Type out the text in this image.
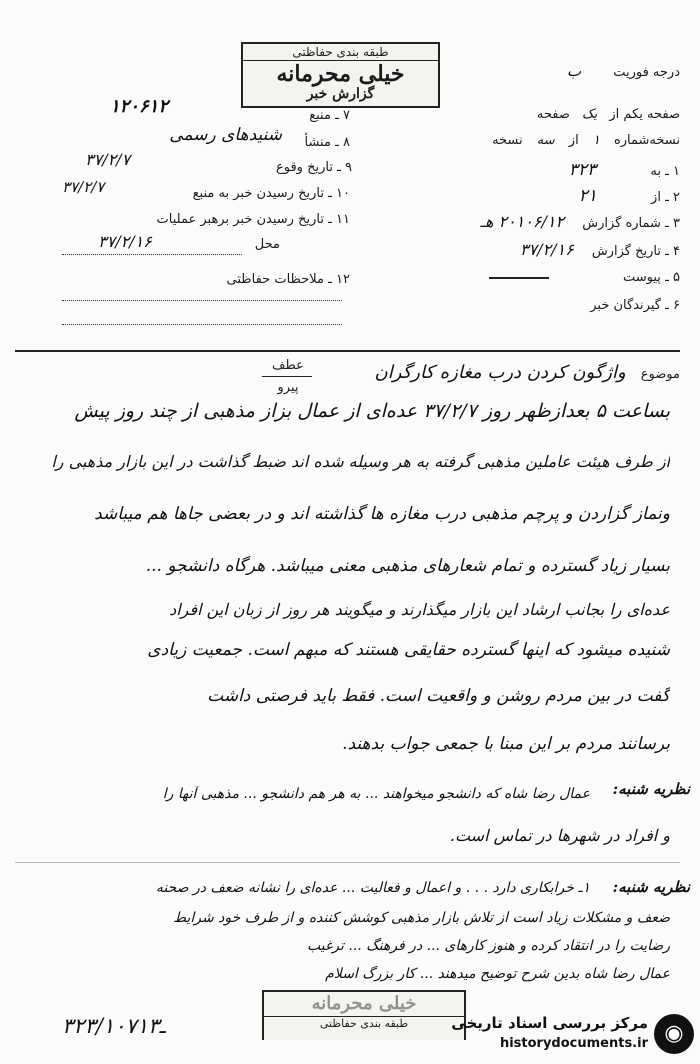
طبقه بندی حفاظتی
خیلی محرمانه
گزارش خبر
درجه فوریت ب
صفحه یکم از یک صفحه
نسخه‌شماره ۱ از سه نسخه
۱ ـ به ۳۲۳
۲ ـ از ۲۱
۳ ـ شماره گزارش ۲۰۱۰۶/۱۲ هـ
۴ ـ تاریخ گزارش ۳۷/۲/۱۶
۵ ـ پیوست
۶ ـ گیرندگان خبر
۱۲۰۶۱۲	۷ ـ منبع
شنیدهای رسمی	۸ ـ منشأ
۳۷/۲/۷	۹ ـ تاریخ وقوع
۳۷/۲/۷	۱۰ ـ تاریخ رسیدن خبر به منبع
۱۱ ـ تاریخ رسیدن خبر برهبر عملیات
محل
۳۷/۲/۱۶
۱۲ ـ ملاحظات حفاظتی
عطف
پیرو
موضوع واژگون کردن درب مغازه کارگران
بساعت ۵ بعدازظهر روز ۳۷/۲/۷ عده‌ای از عمال بزاز مذهبی از چند روز پیش
از طرف هیئت عاملین مذهبی گرفته به هر وسیله شده اند ضبط گذاشت در این بازار مذهبی را
ونماز گزاردن و پرچم مذهبی درب مغازه ها گذاشته اند و در بعضی جاها هم میباشد
بسیار زیاد گسترده و تمام شعارهای مذهبی معنی میباشد. هرگاه دانشجو ...
عده‌ای را بجانب ارشاد این بازار میگذارند و میگویند هر روز از زبان این افراد
شنیده میشود که اینها گسترده حقایقی هستند که مبهم است. جمعیت زیادی
گفت در بین مردم روشن و واقعیت است. فقط باید فرصتی داشت
برسانند مردم بر این مبنا با جمعی جواب بدهند.
نظریه شنبه:
عمال رضا شاه که دانشجو میخواهند ... به هر هم دانشجو ... مذهبی آنها را
و افراد در شهرها در تماس است.
نظریه شنبه:
۱ـ خرابکاری دارد . . . و اعمال و فعالیت ... عده‌ای را نشانه ضعف در صحنه
ضعف و مشکلات زیاد است از تلاش بازار مذهبی کوشش کننده و از طرف خود شرایط
رضایت را در انتقاد کرده و هنوز کارهای ... در فرهنگ ... ترغیب
عمال رضا شاه بدین شرح توضیح میدهند ... کار بزرگ اسلام
خیلی محرمانه
طبقه بندی حفاظتی
۳۲۳/۱۰۷ـ۱۳	◉
مرکز بررسی اسناد تاریخی
historydocuments.ir
